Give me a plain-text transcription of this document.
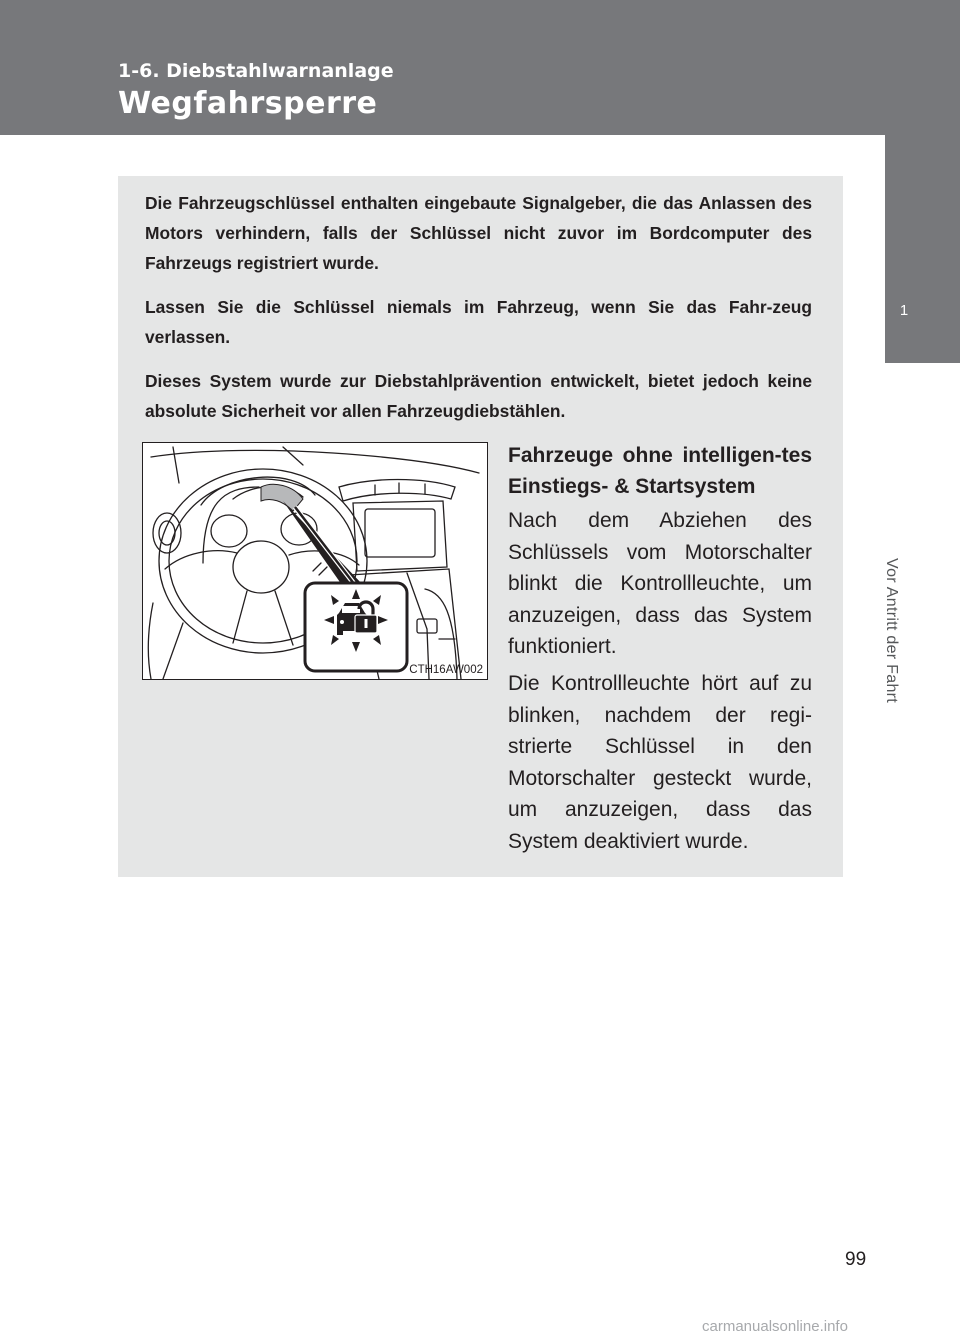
1-6. Diebstahlwarnanlage
Wegfahrsperre
1
Vor Antritt der Fahrt

Die Fahrzeugschlüssel enthalten eingebaute Signalgeber, die das Anlassen des Motors verhindern, falls der Schlüssel nicht zuvor im Bordcomputer des Fahrzeugs registriert wurde.

Lassen Sie die Schlüssel niemals im Fahrzeug, wenn Sie das Fahr-zeug verlassen.

Dieses System wurde zur Diebstahlprävention entwickelt, bietet jedoch keine absolute Sicherheit vor allen Fahrzeugdiebstählen.

CTH16AW002
Fahrzeuge ohne intelligen-tes Einstiegs- & Startsystem

Nach dem Abziehen des Schlüssels vom Motorschalter blinkt die Kontrollleuchte, um anzuzeigen, dass das System funktioniert.

Die Kontrollleuchte hört auf zu blinken, nachdem der regi-strierte Schlüssel in den Motorschalter gesteckt wurde, um anzuzeigen, dass das System deaktiviert wurde.

99
carmanualsonline.info
